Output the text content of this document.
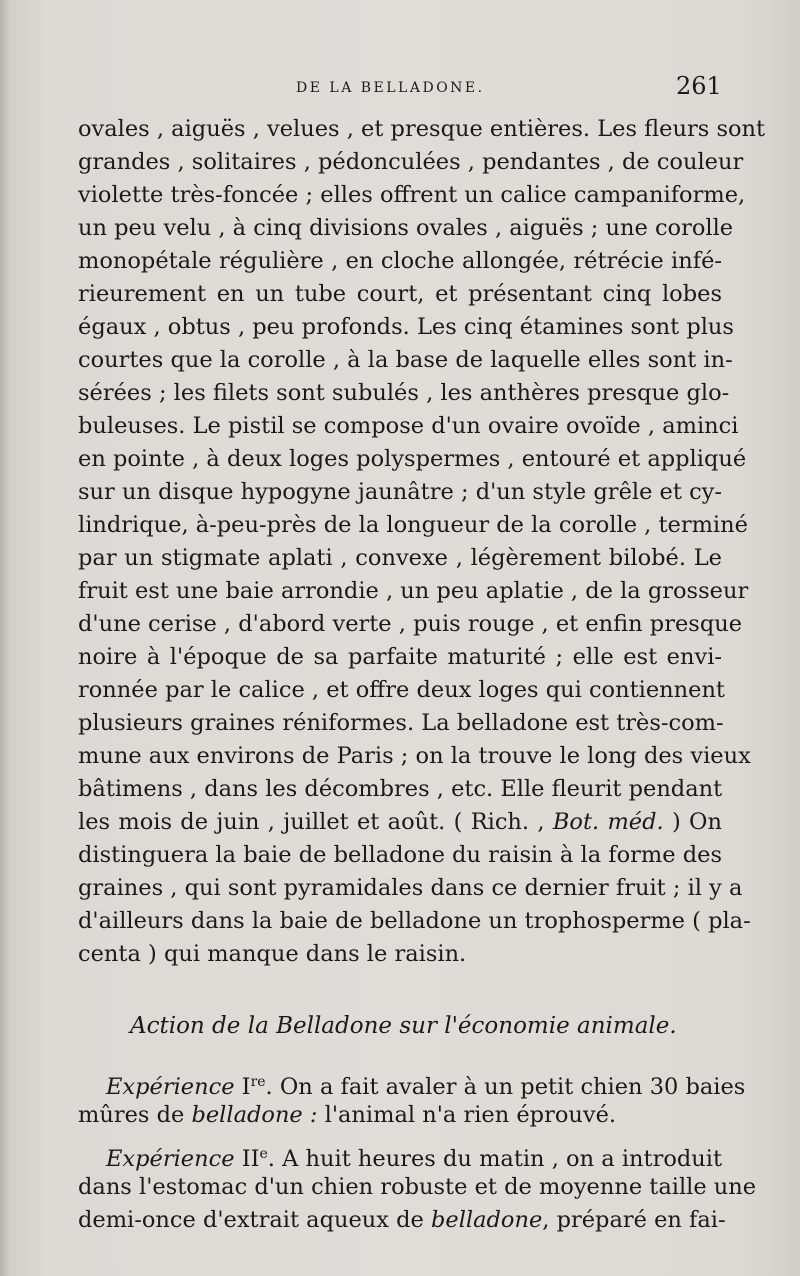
DE LA BELLADONE.	261
ovales , aiguës , velues , et presque entières. Les fleurs sont
grandes , solitaires , pédonculées , pendantes , de couleur
violette très-foncée ; elles offrent un calice campaniforme,
un peu velu , à cinq divisions ovales , aiguës ; une corolle
monopétale régulière , en cloche allongée, rétrécie infé-
rieurement en un tube court, et présentant cinq lobes
égaux , obtus , peu profonds. Les cinq étamines sont plus
courtes que la corolle , à la base de laquelle elles sont in-
sérées ; les filets sont subulés , les anthères presque glo-
buleuses. Le pistil se compose d'un ovaire ovoïde , aminci
en pointe , à deux loges polyspermes , entouré et appliqué
sur un disque hypogyne jaunâtre ; d'un style grêle et cy-
lindrique, à-peu-près de la longueur de la corolle , terminé
par un stigmate aplati , convexe , légèrement bilobé. Le
fruit est une baie arrondie , un peu aplatie , de la grosseur
d'une cerise , d'abord verte , puis rouge , et enfin presque
noire à l'époque de sa parfaite maturité ; elle est envi-
ronnée par le calice , et offre deux loges qui contiennent
plusieurs graines réniformes. La belladone est très-com-
mune aux environs de Paris ; on la trouve le long des vieux
bâtimens , dans les décombres , etc. Elle fleurit pendant
les mois de juin , juillet et août. ( Rich. , Bot. méd. ) On
distinguera la baie de belladone du raisin à la forme des
graines , qui sont pyramidales dans ce dernier fruit ; il y a
d'ailleurs dans la baie de belladone un trophosperme ( pla-
centa ) qui manque dans le raisin.
Action de la Belladone sur l'économie animale.
Expérience Ire. On a fait avaler à un petit chien 30 baies
mûres de belladone : l'animal n'a rien éprouvé.
Expérience IIe. A huit heures du matin , on a introduit
dans l'estomac d'un chien robuste et de moyenne taille une
demi-once d'extrait aqueux de belladone, préparé en fai-
